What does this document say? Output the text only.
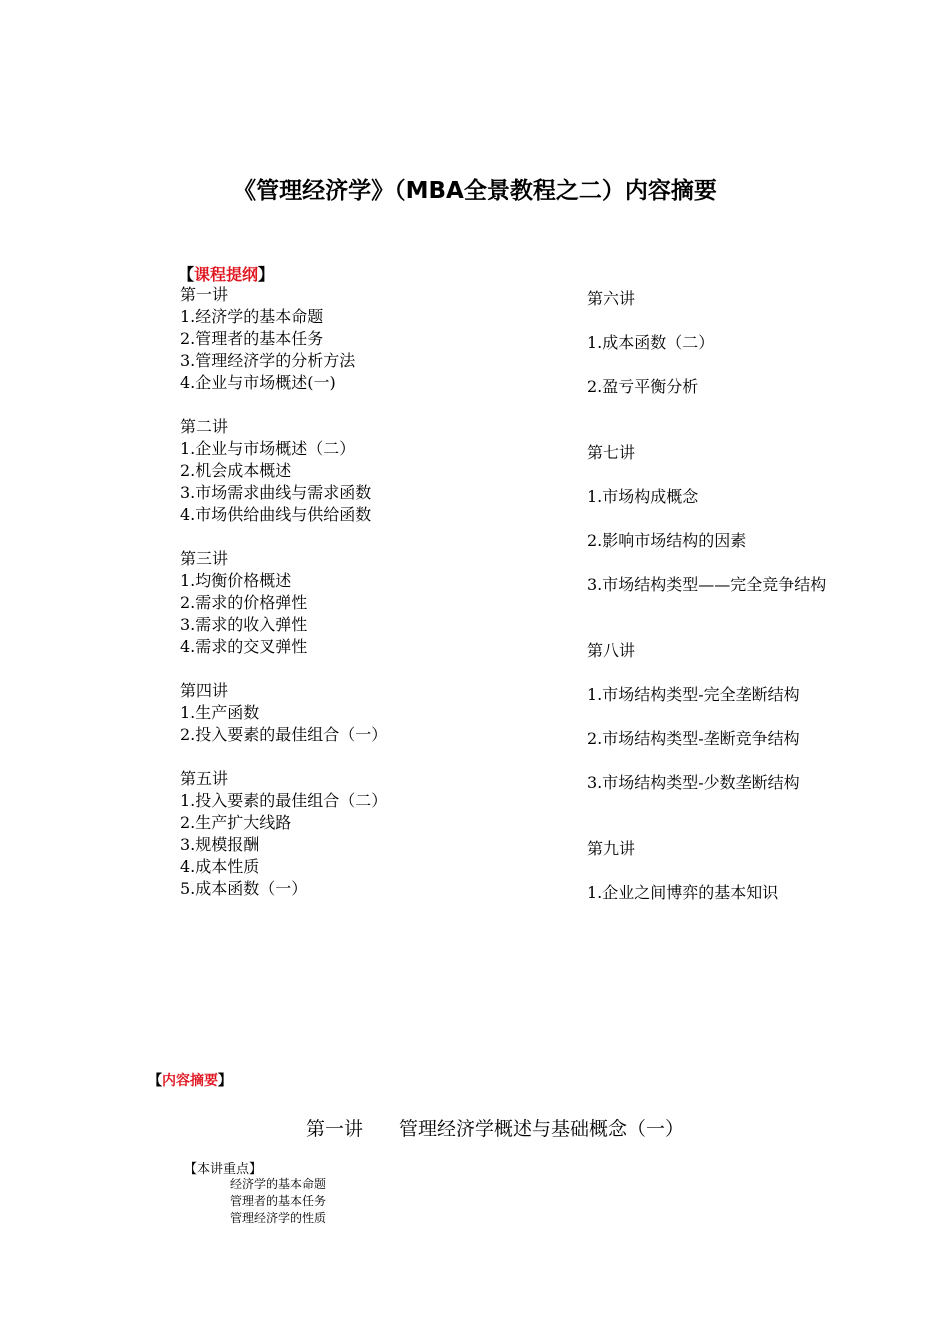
《管理经济学》（MBA全景教程之二）内容摘要
【课程提纲】
第一讲
1.经济学的基本命题
2.管理者的基本任务
3.管理经济学的分析方法
4.企业与市场概述(一)
第二讲
1.企业与市场概述（二）
2.机会成本概述
3.市场需求曲线与需求函数
4.市场供给曲线与供给函数
第三讲
1.均衡价格概述
2.需求的价格弹性
3.需求的收入弹性
4.需求的交叉弹性
第四讲
1.生产函数
2.投入要素的最佳组合（一）
第五讲
1.投入要素的最佳组合（二）
2.生产扩大线路
3.规模报酬
4.成本性质
5.成本函数（一）
第六讲
1.成本函数（二）
2.盈亏平衡分析
第七讲
1.市场构成概念
2.影响市场结构的因素
3.市场结构类型——完全竞争结构
第八讲
1.市场结构类型-完全垄断结构
2.市场结构类型-垄断竞争结构
3.市场结构类型-少数垄断结构
第九讲
1.企业之间博弈的基本知识
【内容摘要】
第一讲 管理经济学概述与基础概念（一）
【本讲重点】
经济学的基本命题
管理者的基本任务
管理经济学的性质
